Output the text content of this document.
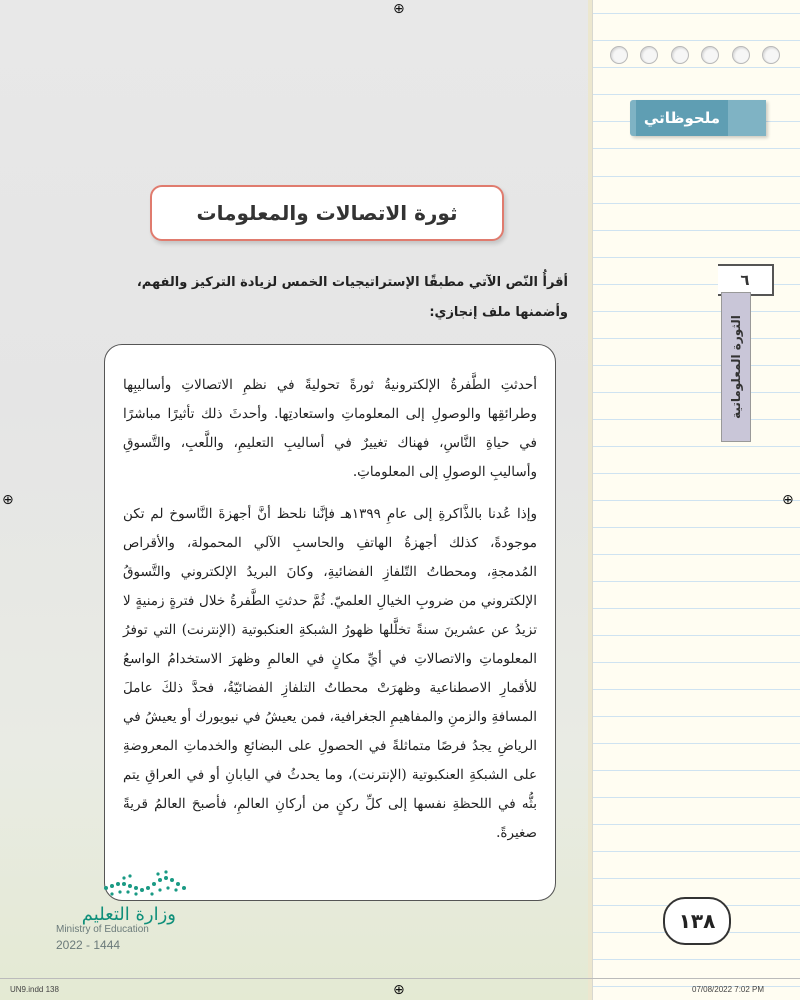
ملحوظاتي
٦
الثورة المعلوماتية
ثورة الاتصالات والمعلومات
أقرأُ النّص الآتي مطبقًا الإستراتيجيات الخمس لزيادة التركيز والفهم، وأضمنها ملف إنجازي:

أحدثتِ الطَّفرةُ الإلكترونيةُ ثورةً تحوليةً في نظمِ الاتصالاتِ وأساليبِها وطرائقِها والوصولِ إلى المعلوماتِ واستعادتِها. وأحدثَ ذلك تأثيرًا مباشرًا في حياةِ النَّاسِ، فهناك تغييرٌ في أساليبِ التعليمِ، واللَّعبِ، والتَّسوقِ وأساليبِ الوصولِ إلى المعلوماتِ.

وإذا عُدنا بالذَّاكرةِ إلى عامِ ١٣٩٩هـ فإنَّنا نلحظ أنَّ أجهزةَ النَّاسوخ لم تكن موجودةً، كذلك أجهزةُ الهاتفِ والحاسبِ الآلي المحمولة، والأقراص المُدمجةِ، ومحطاتُ التّلفازِ الفضائيةِ، وكانَ البريدُ الإلكتروني والتَّسوقُ الإلكتروني من ضروبِ الخيالِ العلميّ. ثُمَّ حدثتِ الطَّفرةُ خلال فترةٍ زمنيةٍ لا تزيدُ عن عشرينَ سنةً تخلَّلها ظهورُ الشبكةِ العنكبوتية (الإنترنت) التي توفرُ المعلوماتِ والاتصالاتِ في أيِّ مكانٍ في العالمِ وظهرَ الاستخدامُ الواسعُ للأقمارِ الاصطناعية وظهرَتْ محطاتُ التلفازِ الفضائيّةُ، فحدَّ ذلكَ عاملَ المسافةِ والزمنِ والمفاهيمِ الجغرافية، فمن يعيشُ في نيويورك أو يعيشُ في الرياضِ يجدُ فرصًا متماثلةً في الحصولِ على البضائعِ والخدماتِ المعروضةِ على الشبكةِ العنكبوتية (الإنترنت)، وما يحدثُ في اليابانِ أو في العراقِ يتم بثُّه في اللحظةِ نفسها إلى كلِّ ركنٍ من أركانِ العالمِ، فأصبحَ العالمُ قريةً صغيرةً.

١٣٨
وزارة التعليم
Ministry of Education
2022 - 1444
⊕
⊕	⊕
⊕
UN9.indd 138	07/08/2022 7:02 PM
